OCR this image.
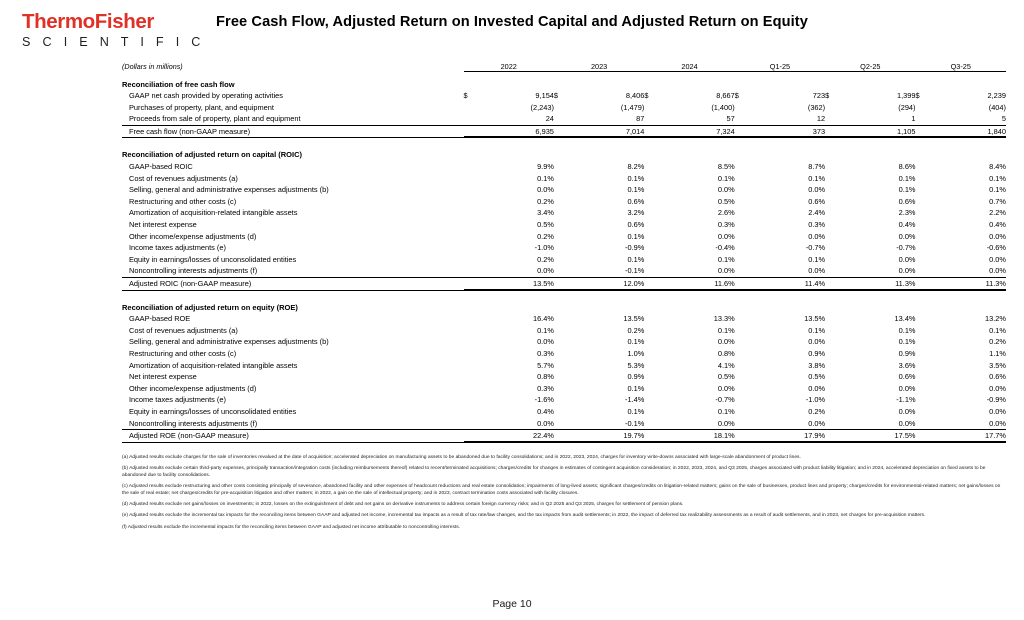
ThermoFisher
S C I E N T I F I C
Free Cash Flow, Adjusted Return on Invested Capital and Adjusted Return on Equity
(Dollars in millions)	2022		2023		2024		Q1-25		Q2-25		Q3-25	

Reconciliation of free cash flow												
GAAP net cash provided by operating activities	$	9,154	$	8,406	$	8,667	$	723	$	1,399	$	2,239
Purchases of property, plant, and equipment		(2,243)		(1,479)		(1,400)		(362)		(294)		(404)
Proceeds from sale of property, plant and equipment		24		87		57		12		1		5
Free cash flow (non-GAAP measure)		6,935		7,014		7,324		373		1,105		1,840

Reconciliation of adjusted return on capital (ROIC)												
GAAP-based ROIC		9.9%		8.2%		8.5%		8.7%		8.6%		8.4%
Cost of revenues adjustments (a)		0.1%		0.1%		0.1%		0.1%		0.1%		0.1%
Selling, general and administrative expenses adjustments (b)		0.0%		0.1%		0.0%		0.0%		0.1%		0.1%
Restructuring and other costs (c)		0.2%		0.6%		0.5%		0.6%		0.6%		0.7%
Amortization of acquisition-related intangible assets		3.4%		3.2%		2.6%		2.4%		2.3%		2.2%
Net interest expense		0.5%		0.6%		0.3%		0.3%		0.4%		0.4%
Other income/expense adjustments (d)		0.2%		0.1%		0.0%		0.0%		0.0%		0.0%
Income taxes adjustments (e)		-1.0%		-0.9%		-0.4%		-0.7%		-0.7%		-0.6%
Equity in earnings/losses of unconsolidated entities		0.2%		0.1%		0.1%		0.1%		0.0%		0.0%
Noncontrolling interests adjustments (f)		0.0%		-0.1%		0.0%		0.0%		0.0%		0.0%
Adjusted ROIC (non-GAAP measure)		13.5%		12.0%		11.6%		11.4%		11.3%		11.3%

Reconciliation of adjusted return on equity (ROE)												
GAAP-based ROE		16.4%		13.5%		13.3%		13.5%		13.4%		13.2%
Cost of revenues adjustments (a)		0.1%		0.2%		0.1%		0.1%		0.1%		0.1%
Selling, general and administrative expenses adjustments (b)		0.0%		0.1%		0.0%		0.0%		0.1%		0.2%
Restructuring and other costs (c)		0.3%		1.0%		0.8%		0.9%		0.9%		1.1%
Amortization of acquisition-related intangible assets		5.7%		5.3%		4.1%		3.8%		3.6%		3.5%
Net interest expense		0.8%		0.9%		0.5%		0.5%		0.6%		0.6%
Other income/expense adjustments (d)		0.3%		0.1%		0.0%		0.0%		0.0%		0.0%
Income taxes adjustments (e)		-1.6%		-1.4%		-0.7%		-1.0%		-1.1%		-0.9%
Equity in earnings/losses of unconsolidated entities		0.4%		0.1%		0.1%		0.2%		0.0%		0.0%
Noncontrolling interests adjustments (f)		0.0%		-0.1%		0.0%		0.0%		0.0%		0.0%
Adjusted ROE (non-GAAP measure)		22.4%		19.7%		18.1%		17.9%		17.5%		17.7%
(a) Adjusted results exclude charges for the sale of inventories revalued at the date of acquisition; accelerated depreciation on manufacturing assets to be abandoned due to facility consolidations; and in 2022, 2023, 2024, charges for inventory write-downs associated with large-scale abandonment of product lines.
(b) Adjusted results exclude certain third-party expenses, principally transaction/integration costs (including reimbursements thereof) related to recent/terminated acquisitions; charges/credits for changes in estimates of contingent acquisition consideration; in 2022, 2023, 2024, and Q3 2025, charges associated with product liability litigation; and in 2024, accelerated depreciation on fixed assets to be abandoned due to facility consolidations.
(c) Adjusted results exclude restructuring and other costs consisting principally of severance, abandoned facility and other expenses of headcount reductions and real estate consolidation; impairments of long-lived assets; significant charges/credits on litigation-related matters; gains on the sale of businesses, product lines and property; charges/credits for environmental-related matters; net gains/losses on the sale of real estate; net charges/credits for pre-acquisition litigation and other matters; in 2022, a gain on the sale of intellectual property; and in 2023, contract termination costs associated with facility closures.
(d) Adjusted results exclude net gains/losses on investments; in 2022, losses on the extinguishment of debt and net gains on derivative instruments to address certain foreign currency risks; and in Q2 2025 and Q3 2025, charges for settlement of pension plans.
(e) Adjusted results exclude the incremental tax impacts for the reconciling items between GAAP and adjusted net income, incremental tax impacts as a result of tax rate/law changes, and the tax impacts from audit settlements; in 2022, the impact of deferred tax realizability assessments as a result of audit settlements, and in 2023, net charges for pre-acquisition matters.
(f) Adjusted results exclude the incremental impacts for the reconciling items between GAAP and adjusted net income attributable to noncontrolling interests.
Page 10
